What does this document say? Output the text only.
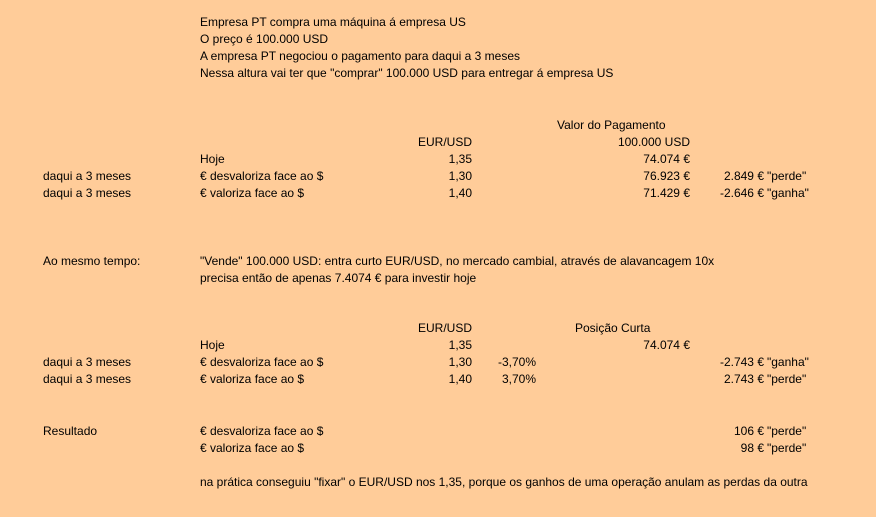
Empresa PT compra uma máquina á empresa US
O preço é 100.000 USD
A empresa PT negociou o pagamento para daqui a 3 meses
Nessa altura vai ter que "comprar" 100.000 USD para entregar á empresa US
Valor do Pagamento
EUR/USD	100.000 USD
Hoje	1,35	74.074 €
daqui a 3 meses	€ desvaloriza face ao $	1,30	76.923 €	2.849 € "perde"
daqui a 3 meses	€ valoriza face ao $	1,40	71.429 €	-2.646 € "ganha"
Ao mesmo tempo:	"Vende" 100.000 USD: entra curto EUR/USD, no mercado cambial, através de alavancagem 10x
precisa então de apenas 7.4074 € para investir hoje
EUR/USD	Posição Curta
Hoje	1,35	74.074 €
daqui a 3 meses	€ desvaloriza face ao $	1,30	-3,70%	-2.743 € "ganha"
daqui a 3 meses	€ valoriza face ao $	1,40	3,70%	2.743 € "perde"
Resultado	€ desvaloriza face ao $	106 € "perde"
€ valoriza face ao $	98 € "perde"
na prática conseguiu "fixar" o EUR/USD nos 1,35, porque os ganhos de uma operação anulam as perdas da outra
